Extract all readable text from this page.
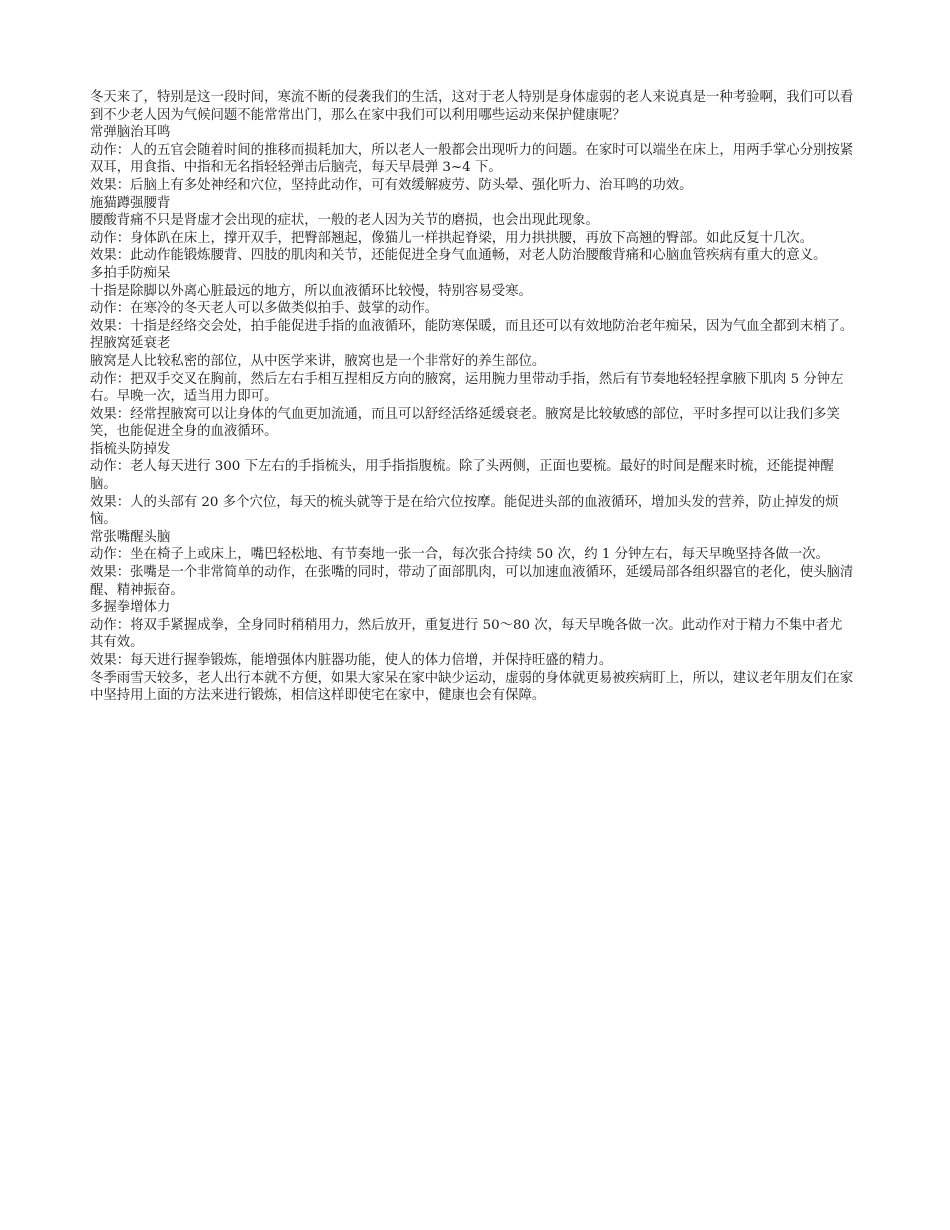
冬天来了，特别是这一段时间，寒流不断的侵袭我们的生活，这对于老人特别是身体虚弱的老人来说真是一种考验啊，我们可以看到不少老人因为气候问题不能常常出门，那么在家中我们可以利用哪些运动来保护健康呢？

常弹脑治耳鸣

动作：人的五官会随着时间的推移而损耗加大，所以老人一般都会出现听力的问题。在家时可以端坐在床上，用两手掌心分别按紧双耳，用食指、中指和无名指轻轻弹击后脑壳，每天早晨弹 3~4 下。

效果：后脑上有多处神经和穴位，坚持此动作，可有效缓解疲劳、防头晕、强化听力、治耳鸣的功效。

施猫蹲强腰背

腰酸背痛不只是肾虚才会出现的症状，一般的老人因为关节的磨损，也会出现此现象。

动作：身体趴在床上，撑开双手，把臀部翘起，像猫儿一样拱起脊梁，用力拱拱腰，再放下高翘的臀部。如此反复十几次。

效果：此动作能锻炼腰背、四肢的肌肉和关节，还能促进全身气血通畅，对老人防治腰酸背痛和心脑血管疾病有重大的意义。

多拍手防痴呆

十指是除脚以外离心脏最远的地方，所以血液循环比较慢，特别容易受寒。

动作：在寒冷的冬天老人可以多做类似拍手、鼓掌的动作。

效果：十指是经络交会处，拍手能促进手指的血液循环，能防寒保暖，而且还可以有效地防治老年痴呆，因为气血全都到末梢了。

捏腋窝延衰老

腋窝是人比较私密的部位，从中医学来讲，腋窝也是一个非常好的养生部位。

动作：把双手交叉在胸前，然后左右手相互捏相反方向的腋窝，运用腕力里带动手指，然后有节奏地轻轻捏拿腋下肌肉 5 分钟左右。早晚一次，适当用力即可。

效果：经常捏腋窝可以让身体的气血更加流通，而且可以舒经活络延缓衰老。腋窝是比较敏感的部位，平时多捏可以让我们多笑笑，也能促进全身的血液循环。

指梳头防掉发

动作：老人每天进行 300 下左右的手指梳头，用手指指腹梳。除了头两侧，正面也要梳。最好的时间是醒来时梳，还能提神醒脑。

效果：人的头部有 20 多个穴位，每天的梳头就等于是在给穴位按摩。能促进头部的血液循环，增加头发的营养，防止掉发的烦恼。

常张嘴醒头脑

动作：坐在椅子上或床上，嘴巴轻松地、有节奏地一张一合，每次张合持续 50 次，约 1 分钟左右，每天早晚坚持各做一次。

效果：张嘴是一个非常简单的动作，在张嘴的同时，带动了面部肌肉，可以加速血液循环，延缓局部各组织器官的老化，使头脑清醒、精神振奋。

多握拳增体力

动作：将双手紧握成拳，全身同时稍稍用力，然后放开，重复进行 50～80 次，每天早晚各做一次。此动作对于精力不集中者尤其有效。

效果：每天进行握拳锻炼，能增强体内脏器功能，使人的体力倍增，并保持旺盛的精力。

冬季雨雪天较多，老人出行本就不方便，如果大家呆在家中缺少运动，虚弱的身体就更易被疾病盯上，所以，建议老年朋友们在家中坚持用上面的方法来进行锻炼，相信这样即使宅在家中，健康也会有保障。
